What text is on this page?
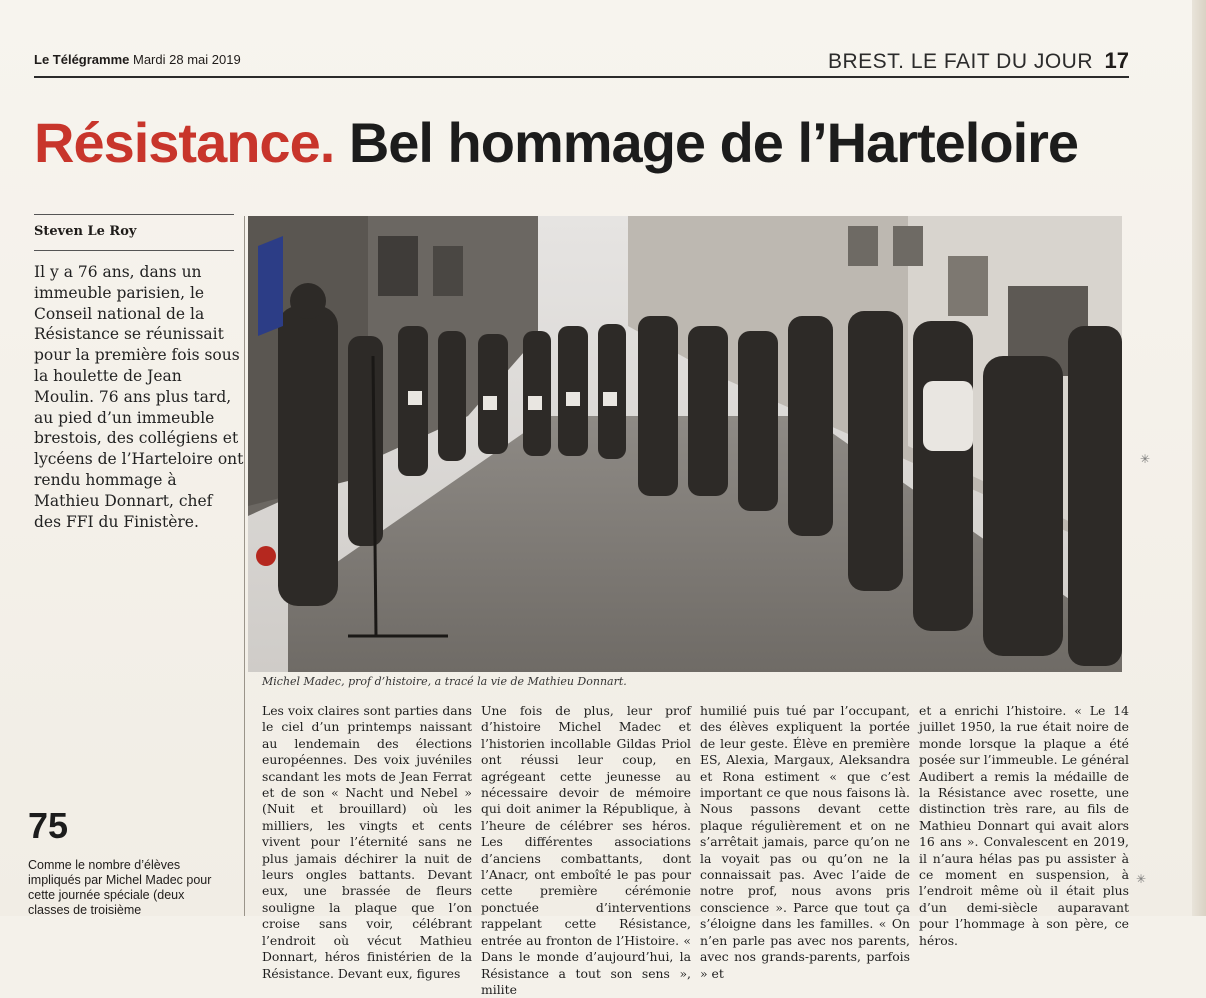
Le Télégramme Mardi 28 mai 2019	BREST. LE FAIT DU JOUR 17
Résistance. Bel hommage de l’Harteloire
Steven Le Roy
Il y a 76 ans, dans un immeuble parisien, le Conseil national de la Résistance se réunissait pour la première fois sous la houlette de Jean Moulin. 76 ans plus tard, au pied d’un immeuble brestois, des collégiens et lycéens de l’Harteloire ont rendu hommage à Mathieu Donnart, chef des FFI du Finistère.
Michel Madec, prof d’histoire, a tracé la vie de Mathieu Donnart.

Les voix claires sont parties dans le ciel d’un printemps naissant au lendemain des élections européennes. Des voix juvéniles scandant les mots de Jean Ferrat et de son « Nacht und Nebel » (Nuit et brouillard) où les milliers, les vingts et cents vivent pour l’éternité sans ne plus jamais déchirer la nuit de leurs ongles battants. Devant eux, une brassée de fleurs souligne la plaque que l’on croise sans voir, célébrant l’endroit où vécut Mathieu Donnart, héros finistérien de la Résistance. Devant eux, figures

Une fois de plus, leur prof d’histoire Michel Madec et l’historien incollable Gildas Priol ont réussi leur coup, en agrégeant cette jeunesse au nécessaire devoir de mémoire qui doit animer la République, à l’heure de célébrer ses héros. Les différentes associations d’anciens combattants, dont l’Anacr, ont emboîté le pas pour cette première cérémonie ponctuée d’interventions rappelant cette Résistance, entrée au fronton de l’Histoire. « Dans le monde d’aujourd’hui, la Résistance a tout son sens », milite

humilié puis tué par l’occupant, des élèves expliquent la portée de leur geste. Élève en première ES, Alexia, Margaux, Aleksandra et Rona estiment « que c’est important ce que nous faisons là. Nous passons devant cette plaque régulièrement et on ne s’arrêtait jamais, parce qu’on ne la voyait pas ou qu’on ne la connaissait pas. Avec l’aide de notre prof, nous avons pris conscience ». Parce que tout ça s’éloigne dans les familles. « On n’en parle pas avec nos parents, avec nos grands-parents, parfois » et

et a enrichi l’histoire. « Le 14 juillet 1950, la rue était noire de monde lorsque la plaque a été posée sur l’immeuble. Le général Audibert a remis la médaille de la Résistance avec rosette, une distinction très rare, au fils de Mathieu Donnart qui avait alors 16 ans ». Convalescent en 2019, il n’aura hélas pas pu assister à ce moment en suspension, à l’endroit même où il était plus d’un demi-siècle auparavant pour l’hommage à son père, ce héros.

75
Comme le nombre d’élèves impliqués par Michel Madec pour cette journée spéciale (deux classes de troisième
✳
✳
